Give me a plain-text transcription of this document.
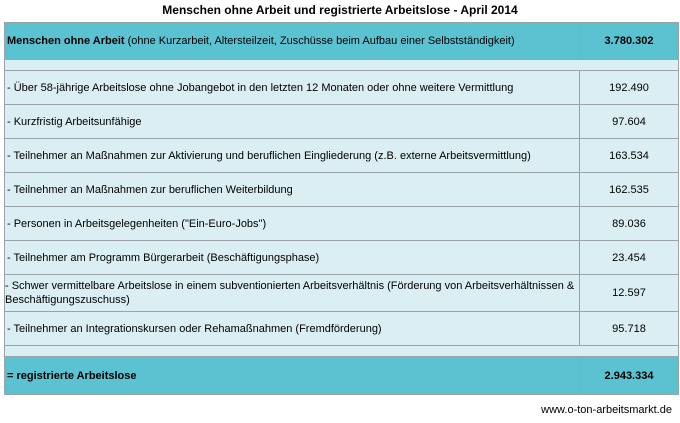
Menschen ohne Arbeit und registrierte Arbeitslose - April 2014
Menschen ohne Arbeit (ohne Kurzarbeit, Altersteilzeit, Zuschüsse beim Aufbau einer Selbstständigkeit)	3.780.302
- Über 58-jährige Arbeitslose ohne Jobangebot in den letzten 12 Monaten oder ohne weitere Vermittlung	192.490
- Kurzfristig Arbeitsunfähige	97.604
- Teilnehmer an Maßnahmen zur Aktivierung und beruflichen Eingliederung (z.B. externe Arbeitsvermittlung)	163.534
- Teilnehmer an Maßnahmen zur beruflichen Weiterbildung	162.535
- Personen in Arbeitsgelegenheiten ("Ein-Euro-Jobs")	89.036
- Teilnehmer am Programm Bürgerarbeit (Beschäftigungsphase)	23.454
- Schwer vermittelbare Arbeitslose in einem subventionierten Arbeitsverhältnis (Förderung von Arbeitsverhältnissen & Beschäftigungszuschuss)
12.597
- Teilnehmer an Integrationskursen oder Rehamaßnahmen (Fremdförderung)	95.718
= registrierte Arbeitslose	2.943.334
www.o-ton-arbeitsmarkt.de
